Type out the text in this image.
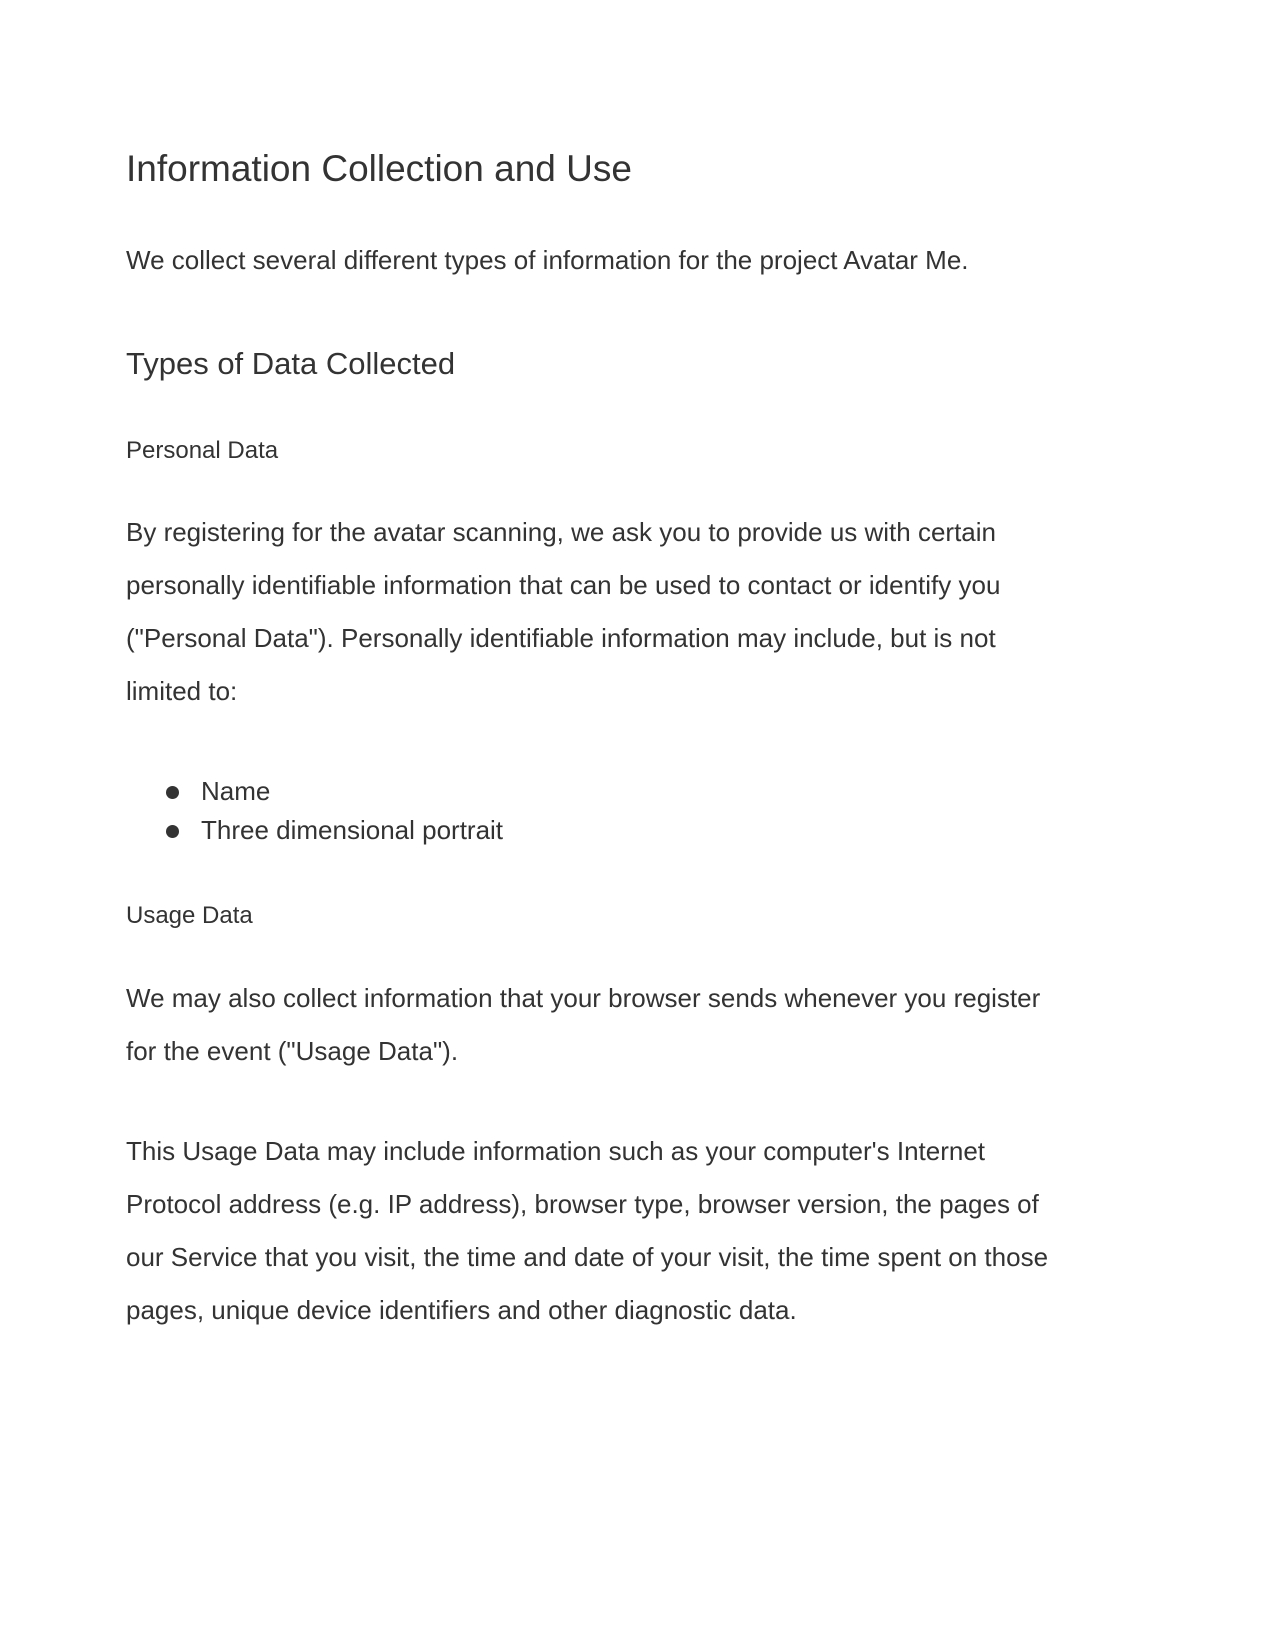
Information Collection and Use

We collect several different types of information for the project Avatar Me.

Types of Data Collected
Personal Data

By registering for the avatar scanning, we ask you to provide us with certain
personally identifiable information that can be used to contact or identify you
("Personal Data"). Personally identifiable information may include, but is not
limited to:

Name
Three dimensional portrait
Usage Data

We may also collect information that your browser sends whenever you register
for the event ("Usage Data").

This Usage Data may include information such as your computer's Internet
Protocol address (e.g. IP address), browser type, browser version, the pages of
our Service that you visit, the time and date of your visit, the time spent on those
pages, unique device identifiers and other diagnostic data.
